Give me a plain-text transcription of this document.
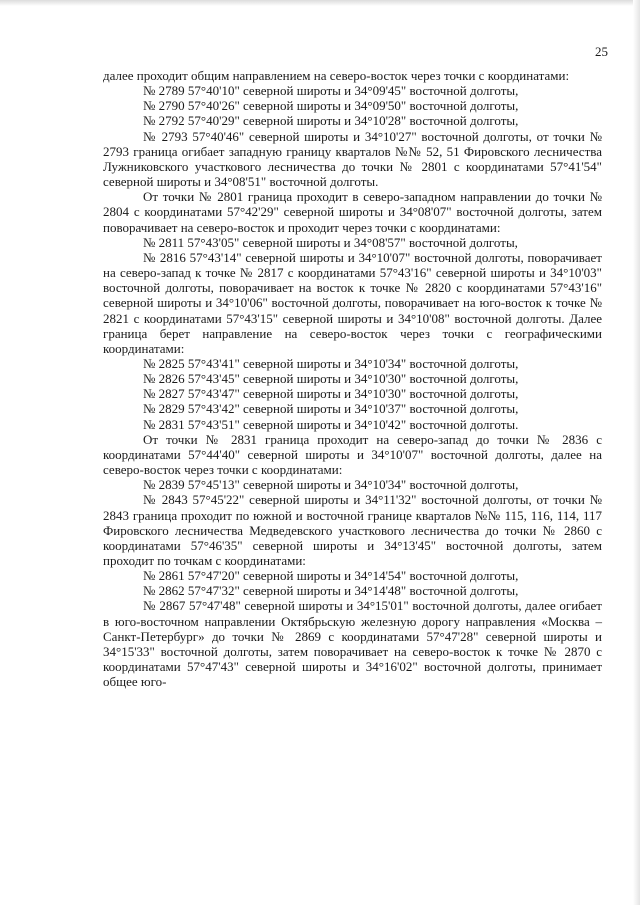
25

далее проходит общим направлением на северо-восток через точки с координатами:

№ 2789 57°40'10" северной широты и 34°09'45" восточной долготы,

№ 2790 57°40'26" северной широты и 34°09'50" восточной долготы,

№ 2792 57°40'29" северной широты и 34°10'28" восточной долготы,

№ 2793 57°40'46" северной широты и 34°10'27" восточной долготы, от точки № 2793 граница огибает западную границу кварталов №№ 52, 51 Фировского лесничества Лужниковского участкового лесничества до точки № 2801 с координатами 57°41'54" северной широты и 34°08'51" восточной долготы.

От точки № 2801 граница проходит в северо-западном направлении до точки № 2804 с координатами 57°42'29" северной широты и 34°08'07" восточной долготы, затем поворачивает на северо-восток и проходит через точки с координатами:

№ 2811 57°43'05" северной широты и 34°08'57" восточной долготы,

№ 2816 57°43'14" северной широты и 34°10'07" восточной долготы, поворачивает на северо-запад к точке № 2817 с координатами 57°43'16" северной широты и 34°10'03" восточной долготы, поворачивает на восток к точке № 2820 с координатами 57°43'16" северной широты и 34°10'06" восточной долготы, поворачивает на юго-восток к точке № 2821 с координатами 57°43'15" северной широты и 34°10'08" восточной долготы. Далее граница берет направление на северо-восток через точки с географическими координатами:

№ 2825 57°43'41" северной широты и 34°10'34" восточной долготы,

№ 2826 57°43'45" северной широты и 34°10'30" восточной долготы,

№ 2827 57°43'47" северной широты и 34°10'30" восточной долготы,

№ 2829 57°43'42" северной широты и 34°10'37" восточной долготы,

№ 2831 57°43'51" северной широты и 34°10'42" восточной долготы.

От точки № 2831 граница проходит на северо-запад до точки № 2836 с координатами 57°44'40" северной широты и 34°10'07" восточной долготы, далее на северо-восток через точки с координатами:

№ 2839 57°45'13" северной широты и 34°10'34" восточной долготы,

№ 2843 57°45'22" северной широты и 34°11'32" восточной долготы, от точки № 2843 граница проходит по южной и восточной границе кварталов №№ 115, 116, 114, 117 Фировского лесничества Медведевского участкового лесничества до точки № 2860 с координатами 57°46'35" северной широты и 34°13'45" восточной долготы, затем проходит по точкам с координатами:

№ 2861 57°47'20" северной широты и 34°14'54" восточной долготы,

№ 2862 57°47'32" северной широты и 34°14'48" восточной долготы,

№ 2867 57°47'48" северной широты и 34°15'01" восточной долготы, далее огибает в юго-восточном направлении Октябрьскую железную дорогу направления «Москва – Санкт-Петербург» до точки № 2869 с координатами 57°47'28" северной широты и 34°15'33" восточной долготы, затем поворачивает на северо-восток к точке № 2870 с координатами 57°47'43" северной широты и 34°16'02" восточной долготы, принимает общее юго-
